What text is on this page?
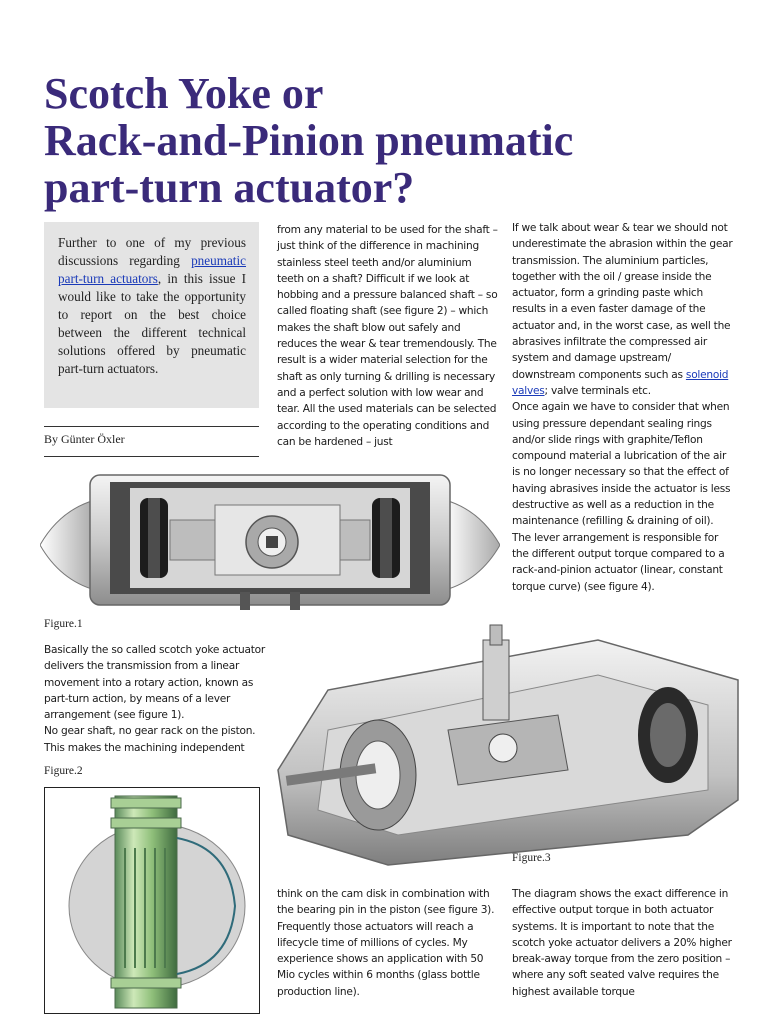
Scotch Yoke or
Rack-and-Pinion pneumatic
part-turn actuator?
Further to one of my previous discussions regarding pneumatic part-turn actuators, in this issue I would like to take the opportunity to report on the best choice between the different technical solutions offered by pneumatic part-turn actuators.
By Günter Öxler

from any material to be used for the shaft – just think of the difference in machining stainless steel teeth and/or aluminium teeth on a shaft? Difficult if we look at hobbing and a pressure balanced shaft – so called floating shaft (see figure 2) – which makes the shaft blow out safely and reduces the wear & tear tremendously. The result is a wider material selection for the shaft as only turning & drilling is necessary and a perfect solution with low wear and tear. All the used materials can be selected according to the operating conditions and can be hardened – just

If we talk about wear & tear we should not underestimate the abrasion within the gear transmission. The aluminium particles, together with the oil / grease inside the actuator, form a grinding paste which results in a even faster damage of the actuator and, in the worst case, as well the abrasives infiltrate the compressed air system and damage upstream/ downstream components such as solenoid valves; valve terminals etc.

Once again we have to consider that when using pressure dependant sealing rings and/or slide rings with graphite/Teflon compound material a lubrication of the air is no longer necessary so that the effect of having abrasives inside the actuator is less destructive as well as a reduction in the maintenance (refilling & draining of oil). The lever arrangement is responsible for the different output torque compared to a rack-and-pinion actuator (linear, constant torque curve) (see figure 4).

Figure.1

Basically the so called scotch yoke actuator delivers the transmission from a linear movement into a rotary action, known as part-turn action, by means of a lever arrangement (see figure 1).

No gear shaft, no gear rack on the piston. This makes the machining independent

Figure.2
Figure.3

think on the cam disk in combination with the bearing pin in the piston (see figure 3). Frequently those actuators will reach a lifecycle time of millions of cycles. My experience shows an application with 50 Mio cycles within 6 months (glass bottle production line).

The diagram shows the exact difference in effective output torque in both actuator systems. It is important to note that the scotch yoke actuator delivers a 20% higher break-away torque from the zero position – where any soft seated valve requires the highest available torque
